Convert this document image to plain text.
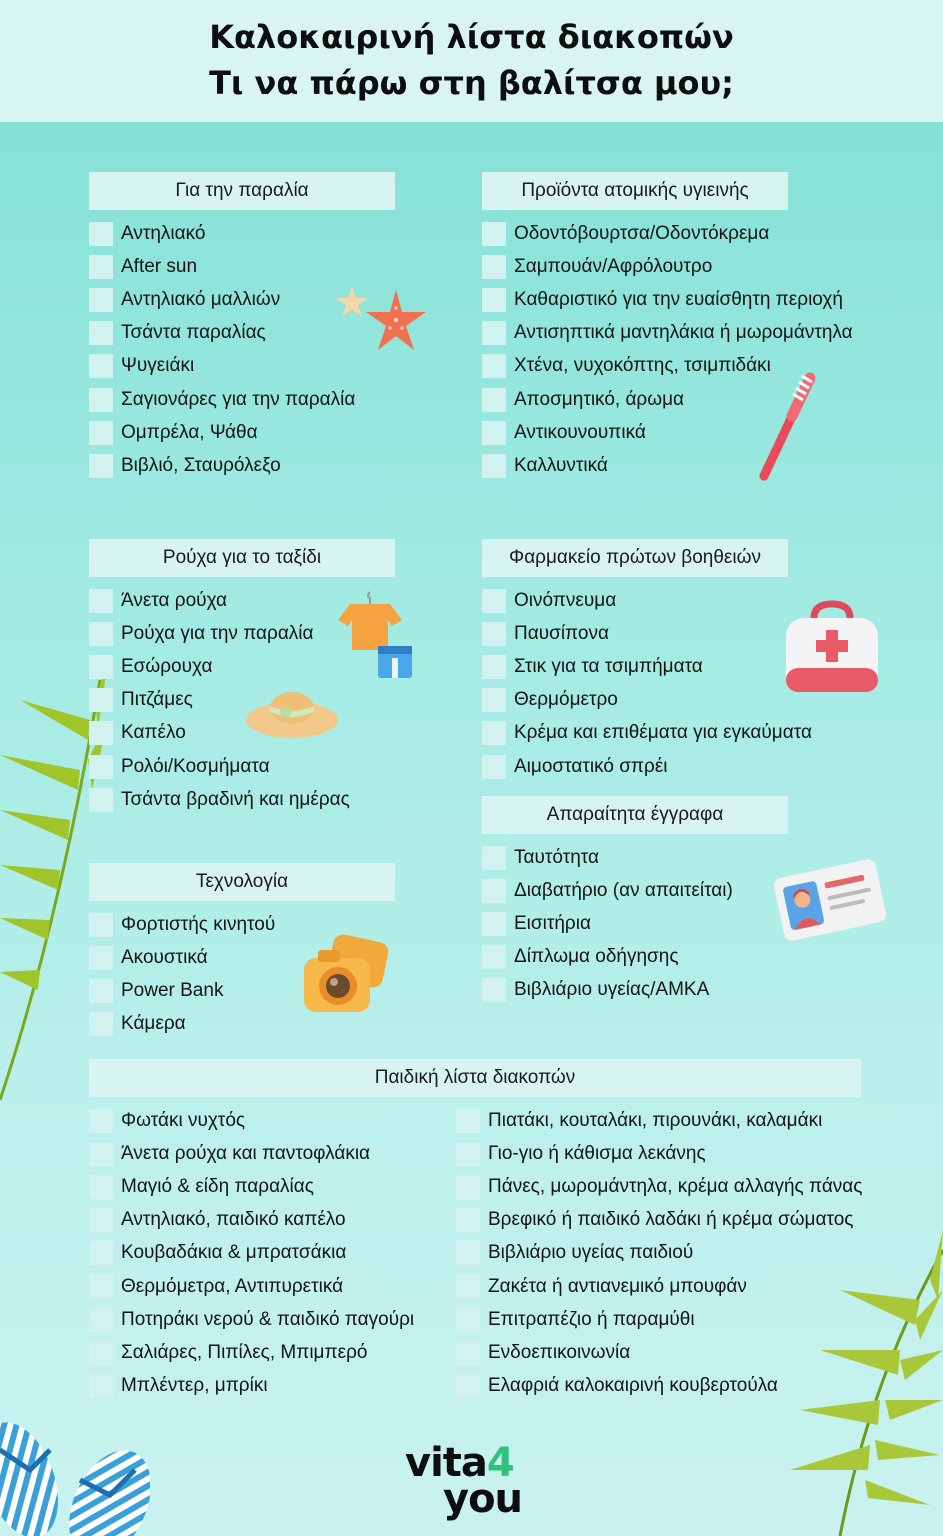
Καλοκαιρινή λίστα διακοπών
Τι να πάρω στη βαλίτσα μου;
Για την παραλία
Αντηλιακό
After sun
Αντηλιακό μαλλιών
Τσάντα παραλίας
Ψυγειάκι
Σαγιονάρες για την παραλία
Ομπρέλα, Ψάθα
Βιβλιό, Σταυρόλεξο
Προϊόντα ατομικής υγιεινής
Οδοντόβουρτσα/Οδοντόκρεμα
Σαμπουάν/Αφρόλουτρο
Καθαριστικό για την ευαίσθητη περιοχή
Αντισηπτικά μαντηλάκια ή μωρομάντηλα
Χτένα, νυχοκόπτης, τσιμπιδάκι
Αποσμητικό, άρωμα
Αντικουνουπικά
Καλλυντικά
Ρούχα για το ταξίδι
Άνετα ρούχα
Ρούχα για την παραλία
Εσώρουχα
Πιτζάμες
Καπέλο
Ρολόι/Κοσμήματα
Τσάντα βραδινή και ημέρας
Φαρμακείο πρώτων βοηθειών
Οινόπνευμα
Παυσίπονα
Στικ για τα τσιμπήματα
Θερμόμετρο
Κρέμα και επιθέματα για εγκαύματα
Αιμοστατικό σπρέι
Τεχνολογία
Φορτιστής κινητού
Ακουστικά
Power Bank
Κάμερα
Απαραίτητα έγγραφα
Ταυτότητα
Διαβατήριο (αν απαιτείται)
Εισιτήρια
Δίπλωμα οδήγησης
Βιβλιάριο υγείας/ΑΜΚΑ
Παιδική λίστα διακοπών
Φωτάκι νυχτός
Άνετα ρούχα και παντοφλάκια
Μαγιό & είδη παραλίας
Αντηλιακό, παιδικό καπέλο
Κουβαδάκια & μπρατσάκια
Θερμόμετρα, Αντιπυρετικά
Ποτηράκι νερού & παιδικό παγούρι
Σαλιάρες, Πιπίλες, Μπιμπερό
Μπλέντερ, μπρίκι
Πιατάκι, κουταλάκι, πιρουνάκι, καλαμάκι
Γιο-γιο ή κάθισμα λεκάνης
Πάνες, μωρομάντηλα, κρέμα αλλαγής πάνας
Βρεφικό ή παιδικό λαδάκι ή κρέμα σώματος
Βιβλιάριο υγείας παιδιού
Ζακέτα ή αντιανεμικό μπουφάν
Επιτραπέζιο ή παραμύθι
Ενδοεπικοινωνία
Ελαφριά καλοκαιρινή κουβερτούλα
vita4
you
